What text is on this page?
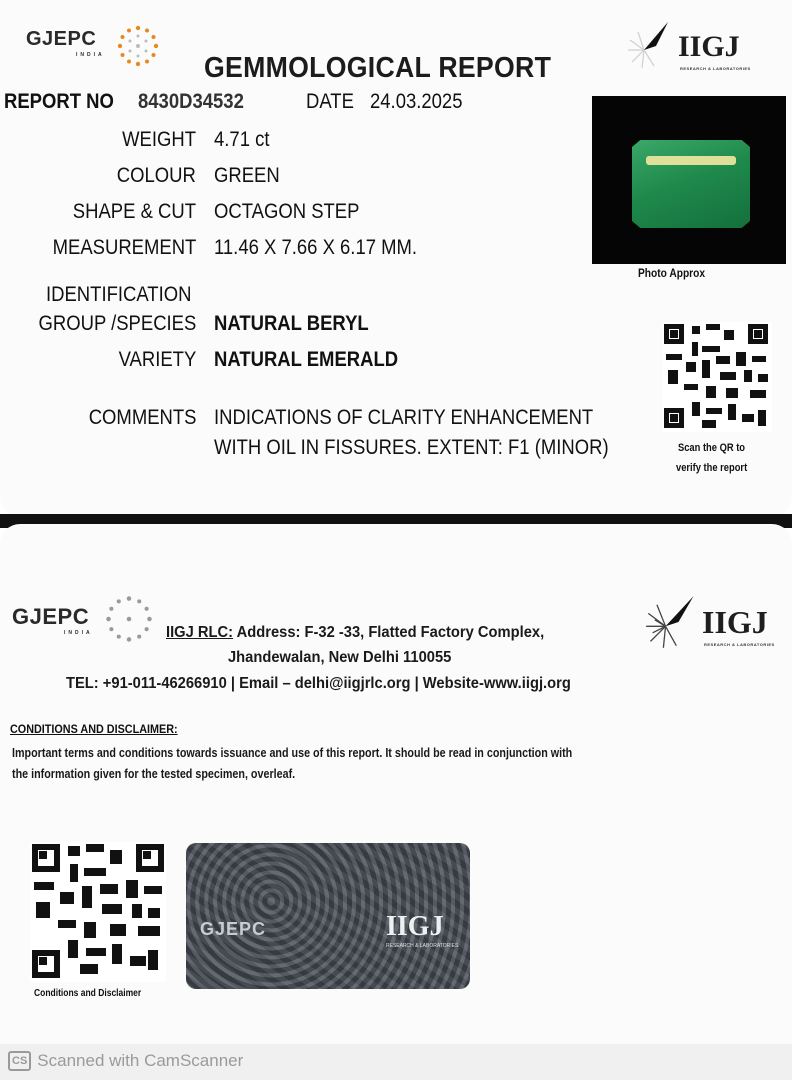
GJEPC
INDIA	IIGJ
RESEARCH & LABORATORIES
GEMMOLOGICAL REPORT
REPORT NO 8430D34532	DATE 24.03.2025
WEIGHT 4.71 ct
COLOUR GREEN
SHAPE & CUT OCTAGON STEP
MEASUREMENT 11.46 X 7.66 X 6.17 MM.
IDENTIFICATION
GROUP /SPECIES NATURAL BERYL
VARIETY NATURAL EMERALD
COMMENTS INDICATIONS OF CLARITY ENHANCEMENT
WITH OIL IN FISSURES. EXTENT: F1 (MINOR)
Photo Approx
Scan the QR to
verify the report
GJEPC
INDIA	IIGJ
RESEARCH & LABORATORIES
IIGJ RLC: Address: F-32 -33, Flatted Factory Complex,
Jhandewalan, New Delhi 110055
TEL: +91-011-46266910 | Email – delhi@iigjrlc.org | Website-www.iigj.org
CONDITIONS AND DISCLAIMER:
Important terms and conditions towards issuance and use of this report. It should be read in conjunction with
the information given for the tested specimen, overleaf.
Conditions and Disclaimer
GJEPC	IIGJ
RESEARCH & LABORATORIES
CS Scanned with CamScanner
